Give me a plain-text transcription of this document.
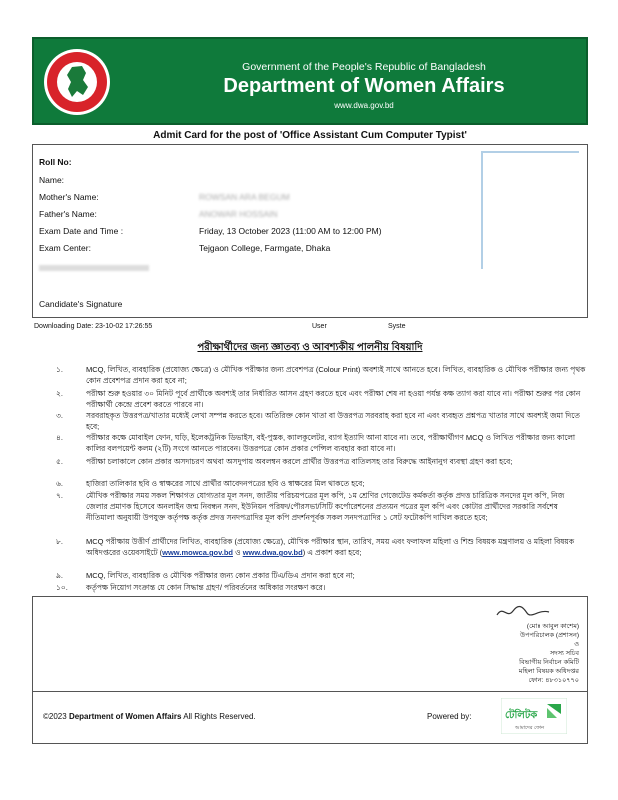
Government of the People's Republic of Bangladesh
Department of Women Affairs
www.dwa.gov.bd
Admit Card for the post of 'Office Assistant Cum Computer Typist'
Roll No:
Name:
Mother's Name:	ROWSAN ARA BEGUM
Father's Name:	ANOWAR HOSSAIN
Exam Date and Time :	Friday, 13 October 2023 (11:00 AM to 12:00 PM)
Exam Center:	Tejgaon College, Farmgate, Dhaka
Candidate's Signature
Downloading Date: 23-10-02 17:26:55	User	Syste
পরীক্ষার্থীদের জন্য জ্ঞাতব্য ও আবশ্যকীয় পালনীয় বিষয়াদি
১.	MCQ, লিখিত, ব্যবহারিক (প্রযোজ্য ক্ষেত্রে) ও মৌখিক পরীক্ষার জন্য প্রবেশপত্র (Colour Print) অবশ্যই সাথে আনতে হবে। লিখিত, ব্যবহারিক ও মৌখিক পরীক্ষার জন্য পৃথক কোন প্রবেশপত্র প্রদান করা হবে না;
২.	পরীক্ষা শুরু হওয়ার ৩০ মিনিট পূর্বে প্রার্থীকে অবশ্যই তার নির্ধারিত আসন গ্রহণ করতে হবে এবং পরীক্ষা শেষ না হওয়া পর্যন্ত কক্ষ ত্যাগ করা যাবে না। পরীক্ষা শুরুর পর কোন পরীক্ষার্থী কেন্দ্রে প্রবেশ করতে পারবে না।
৩.	সরবরাহকৃত উত্তরপত্র/খাতার মধ্যেই লেখা সম্পন্ন করতে হবে। অতিরিক্ত কোন খাতা বা উত্তরপত্র সরবরাহ করা হবে না এবং ব্যবহৃত প্রশ্নপত্র খাতার সাথে অবশ্যই জমা দিতে হবে;
৪.	পরীক্ষার কক্ষে মোবাইল ফোন, ঘড়ি, ইলেকট্রনিক ডিভাইস, বই-পুস্তক, ক্যালকুলেটর, ব্যাগ ইত্যাদি আনা যাবে না। তবে, পরীক্ষার্থীগণ MCQ ও লিখিত পরীক্ষার জন্য কালো কালির বলপয়েন্ট কলম (২টি) সংগে আনতে পারবেন। উত্তরপত্রে কোন প্রকার পেন্সিল ব্যবহার করা যাবে না।
৫.	পরীক্ষা চলাকালে কোন প্রকার অসদাচরণ অথবা অসদুপায় অবলম্বন করলে প্রার্থীর উত্তরপত্র বাতিলসহ তার বিরুদ্ধে আইনানুগ ব্যবস্থা গ্রহণ করা হবে;
৬.	হাজিরা তালিকার ছবি ও স্বাক্ষরের সাথে প্রার্থীর আবেদনপত্রের ছবি ও স্বাক্ষরের মিল থাকতে হবে;
৭.	মৌখিক পরীক্ষার সময় সকল শিক্ষাগত যোগ্যতার মূল সনদ, জাতীয় পরিচয়পত্রের মূল কপি, ১ম শ্রেণির গেজেটেড কর্মকর্তা কর্তৃক প্রদত্ত চারিত্রিক সনদের মূল কপি, নিজ জেলার প্রমাণক হিসেবে অনলাইন জন্ম নিবন্ধন সনদ, ইউনিয়ন পরিষদ/পৌরসভা/সিটি কর্পোরেশনের প্রত্যয়ন পত্রের মূল কপি এবং কোটার প্রার্থীদের সরকারি সর্বশেষ নীতিমালা অনুযায়ী উপযুক্ত কর্তৃপক্ষ কর্তৃক প্রদত্ত সনদপত্রাদির মূল কপি প্রদর্শনপূর্বক সকল সনদপত্রাদির ১ সেট ফটোকপি দাখিল করতে হবে;
৮.	MCQ পরীক্ষায় উত্তীর্ণ প্রার্থীদের লিখিত, ব্যবহারিক (প্রযোজ্য ক্ষেত্রে), মৌখিক পরীক্ষার স্থান, তারিখ, সময় এবং ফলাফল মহিলা ও শিশু বিষয়ক মন্ত্রণালয় ও মহিলা বিষয়ক অধিদপ্তরের ওয়েবসাইটে (www.mowca.gov.bd ও www.dwa.gov.bd) এ প্রকাশ করা হবে;
৯.	MCQ, লিখিত, ব্যবহারিক ও মৌখিক পরীক্ষার জন্য কোন প্রকার টিএ/ডিএ প্রদান করা হবে না;
১০.	কর্তৃপক্ষ নিয়োগ সংক্রান্ত যে কোন সিদ্ধান্ত গ্রহণ/ পরিবর্তনের অধিকার সংরক্ষণ করে।
(মোঃ আবুল কাশেম)
উপপরিচালক (প্রশাসন)
ও
সদস্য সচিব
বিভাগীয় নির্বাচন কমিটি
মহিলা বিষয়ক অধিদপ্তর
ফোন: ৪৮৩১০৭৭০
©2023 Department of Women Affairs All Rights Reserved.	Powered by:	টেলিটক
আমাদের ফোন
